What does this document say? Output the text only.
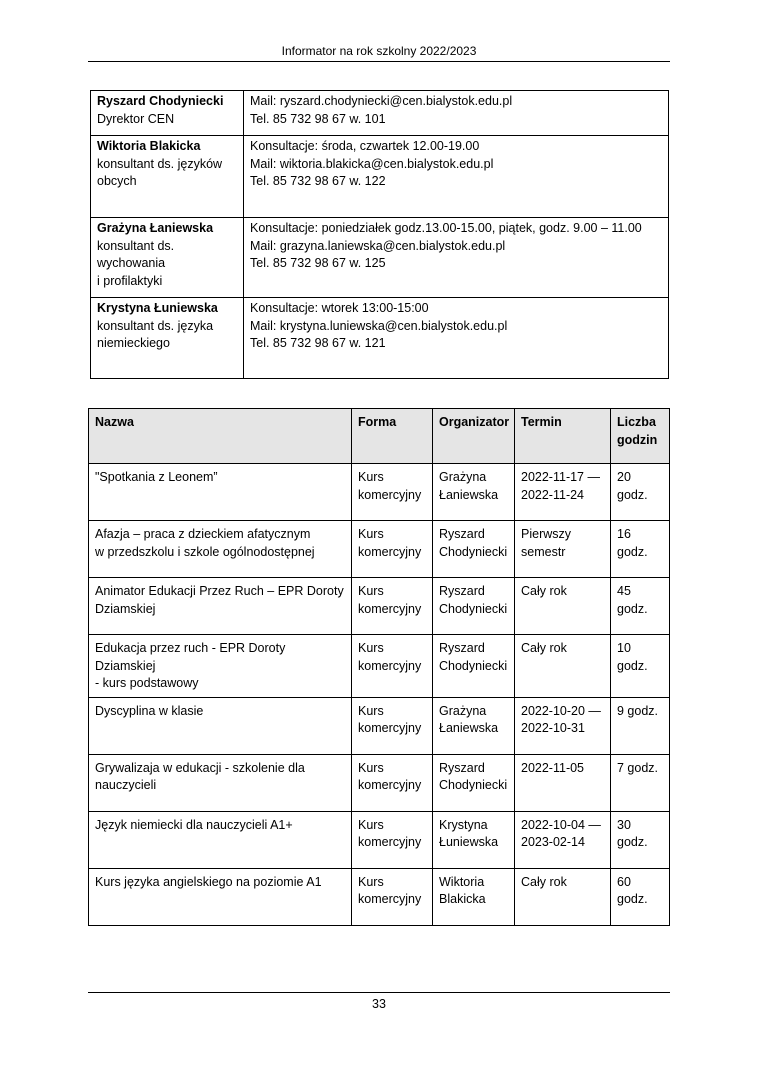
Informator na rok szkolny 2022/2023
Ryszard Chodyniecki
Dyrektor CEN	Mail: ryszard.chodyniecki@cen.bialystok.edu.pl
Tel. 85 732 98 67 w. 101

Wiktoria Blakicka
konsultant ds. języków
obcych	Konsultacje: środa, czwartek 12.00-19.00
Mail: wiktoria.blakicka@cen.bialystok.edu.pl
Tel. 85 732 98 67 w. 122

Grażyna Łaniewska
konsultant ds.
wychowania
i profilaktyki	Konsultacje: poniedziałek godz.13.00-15.00, piątek, godz. 9.00 – 11.00
Mail: grazyna.laniewska@cen.bialystok.edu.pl
Tel. 85 732 98 67 w. 125

Krystyna Łuniewska
konsultant ds. języka
niemieckiego	Konsultacje: wtorek 13:00-15:00
Mail: krystyna.luniewska@cen.bialystok.edu.pl
Tel. 85 732 98 67 w. 121
Nazwa	Forma	Organizator	Termin	Liczba
godzin

"Spotkania z Leonem”	Kurs
komercyjny	Grażyna
Łaniewska	2022-11-17 —
2022-11-24	20 godz.

Afazja – praca z dzieckiem afatycznym
w przedszkolu i szkole ogólnodostępnej	Kurs
komercyjny	Ryszard
Chodyniecki	Pierwszy
semestr	16 godz.

Animator Edukacji Przez Ruch – EPR Doroty
Dziamskiej	Kurs
komercyjny	Ryszard
Chodyniecki	Cały rok	45 godz.

Edukacja przez ruch - EPR Doroty Dziamskiej
- kurs podstawowy	Kurs
komercyjny	Ryszard
Chodyniecki	Cały rok	10 godz.

Dyscyplina w klasie	Kurs
komercyjny	Grażyna
Łaniewska	2022-10-20 —
2022-10-31	9 godz.

Grywalizaja w edukacji - szkolenie dla
nauczycieli	Kurs
komercyjny	Ryszard
Chodyniecki	2022-11-05	7 godz.

Język niemiecki dla nauczycieli A1+	Kurs
komercyjny	Krystyna
Łuniewska	2022-10-04 —
2023-02-14	30 godz.

Kurs języka angielskiego na poziomie A1	Kurs
komercyjny	Wiktoria
Blakicka	Cały rok	60 godz.
33
